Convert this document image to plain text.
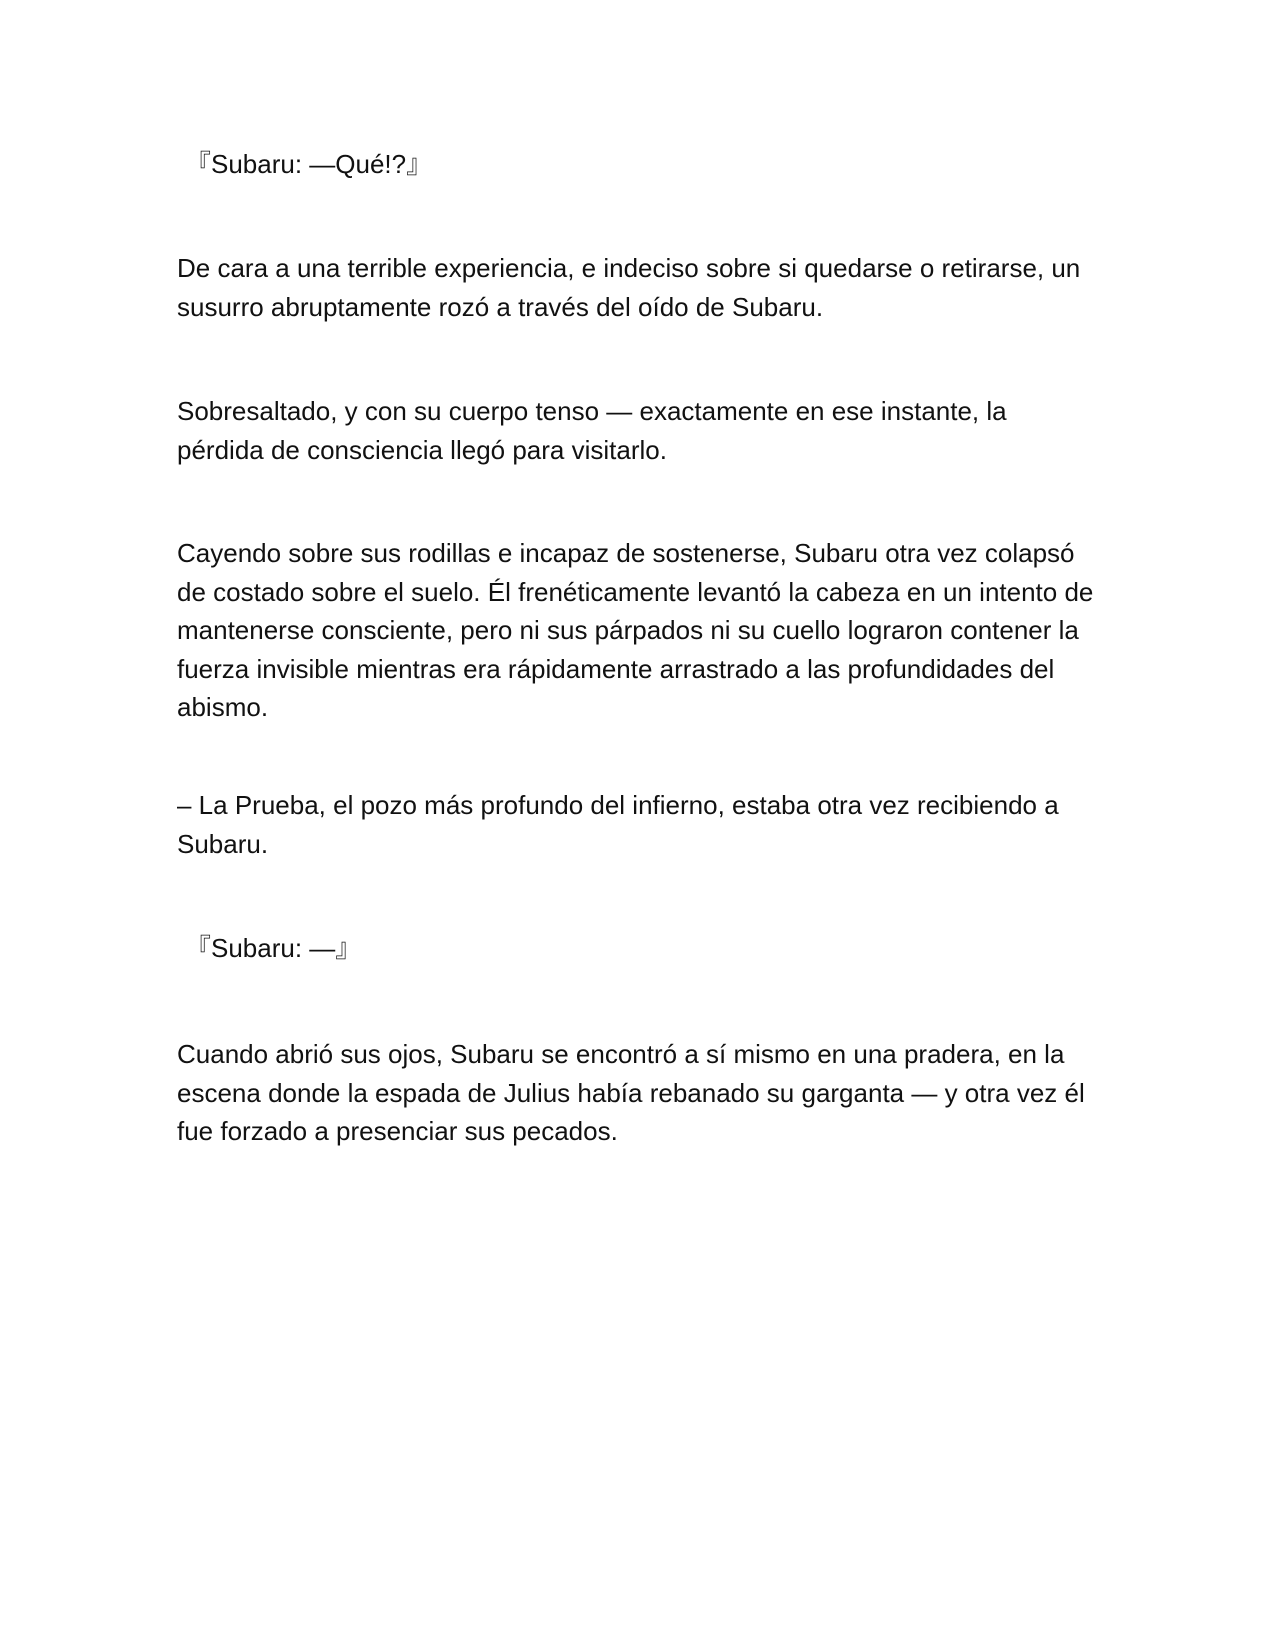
『Subaru: —Qué!?』

De cara a una terrible experiencia, e indeciso sobre si quedarse o retirarse, un susurro abruptamente rozó a través del oído de Subaru.

Sobresaltado, y con su cuerpo tenso — exactamente en ese instante, la pérdida de consciencia llegó para visitarlo.

Cayendo sobre sus rodillas e incapaz de sostenerse, Subaru otra vez colapsó de costado sobre el suelo. Él frenéticamente levantó la cabeza en un intento de mantenerse consciente, pero ni sus párpados ni su cuello lograron contener la fuerza invisible mientras era rápidamente arrastrado a las profundidades del abismo.

– La Prueba, el pozo más profundo del infierno, estaba otra vez recibiendo a Subaru.

『Subaru: —』

Cuando abrió sus ojos, Subaru se encontró a sí mismo en una pradera, en la escena donde la espada de Julius había rebanado su garganta — y otra vez él fue forzado a presenciar sus pecados.
